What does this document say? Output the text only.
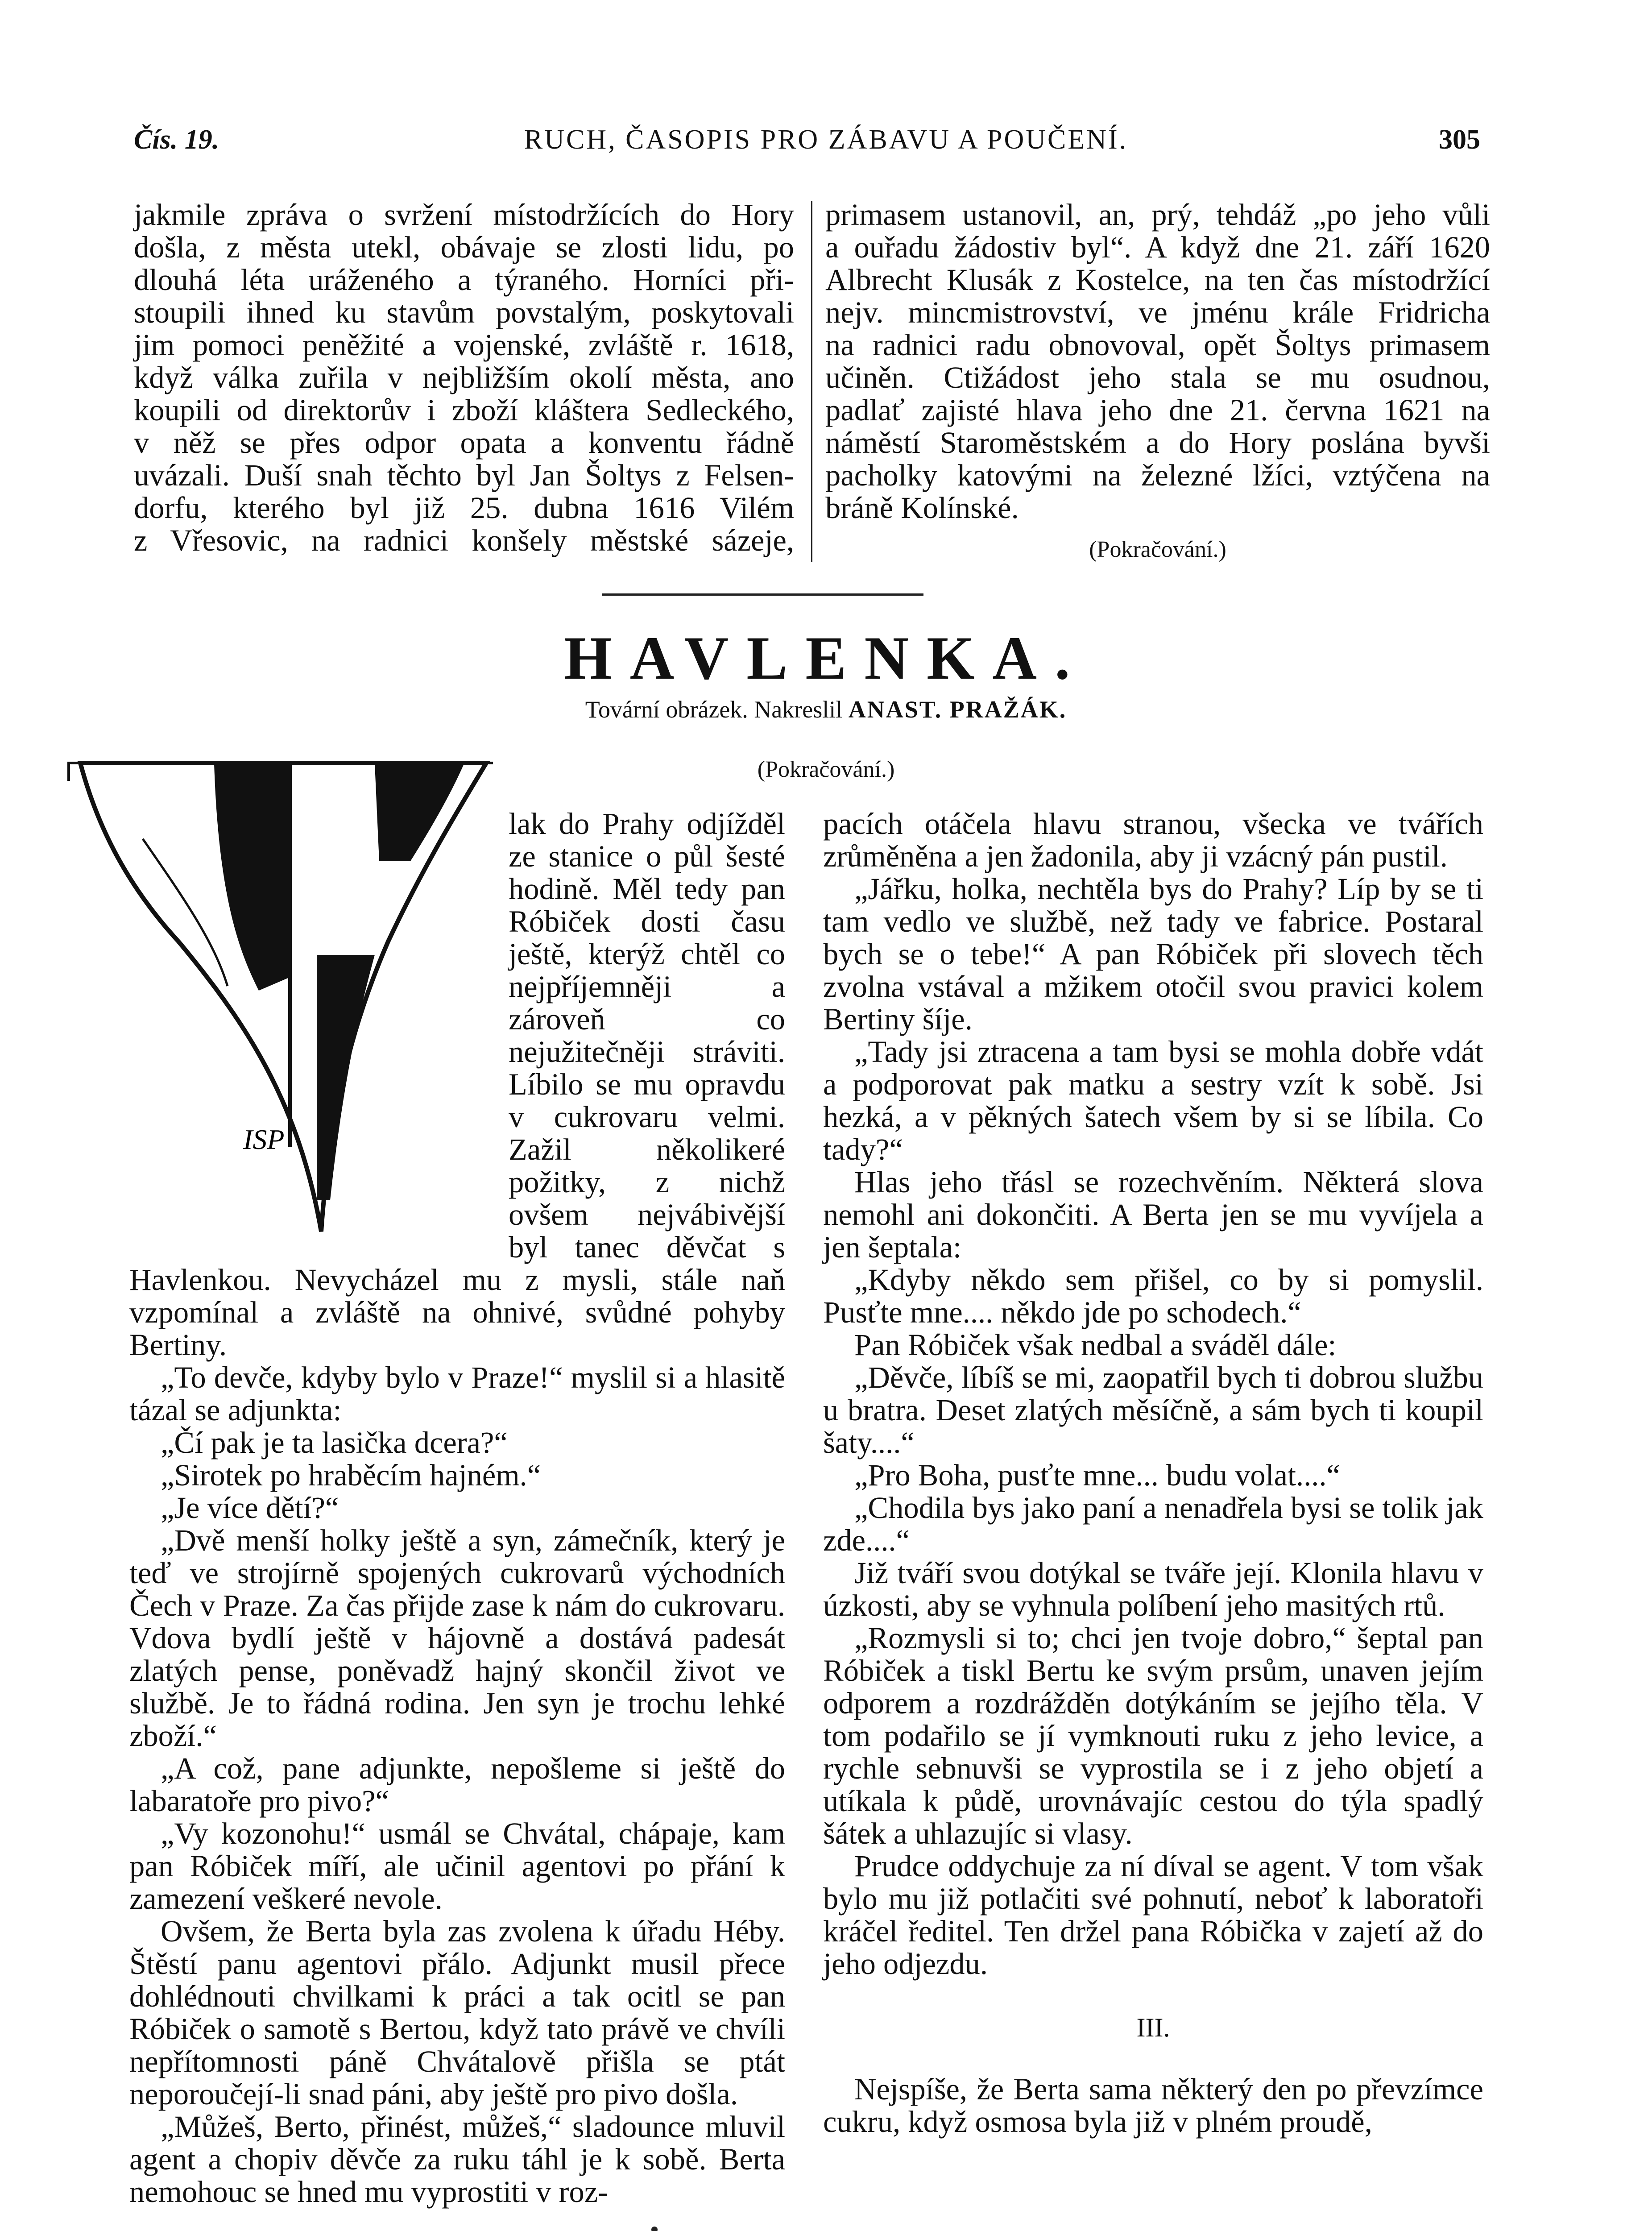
Čís. 19.	RUCH, ČASOPIS PRO ZÁBAVU A POUČENÍ.	305

jakmile zpráva o svržení místodržících do Hory

došla, z města utekl, obávaje se zlosti lidu, po

dlouhá léta uráženého a týraného. Horníci při-

stoupili ihned ku stavům povstalým, poskytovali

jim pomoci peněžité a vojenské, zvláště r. 1618,

když válka zuřila v nejbližším okolí města, ano

koupili od direktorův i zboží kláštera Sedleckého,

v něž se přes odpor opata a konventu řádně

uvázali. Duší snah těchto byl Jan Šoltys z Felsen-

dorfu, kterého byl již 25. dubna 1616 Vilém

z Vřesovic, na radnici konšely městské sázeje,

primasem ustanovil, an, prý, tehdáž „po jeho vůli

a ouřadu žádostiv byl“. A když dne 21. září 1620

Albrecht Klusák z Kostelce, na ten čas místodržící

nejv. mincmistrovství, ve jménu krále Fridricha

na radnici radu obnovoval, opět Šoltys primasem

učiněn. Ctižádost jeho stala se mu osudnou,

padlať zajisté hlava jeho dne 21. června 1621 na

náměstí Staroměstském a do Hory poslána byvši

pacholky katovými na železné lžíci, vztýčena na

bráně Kolínské.

(Pokračování.)

HAVLENKA.
Tovární obrázek. Nakreslil ANAST. PRAŽÁK.
(Pokračování.)
ISP

lak do Prahy odjížděl ze stanice o půl šesté hodině. Měl tedy pan Róbiček dosti času ještě, kterýž chtěl co nejpříjemněji a zároveň co nejužitečněji stráviti. Líbilo se mu opravdu v cukrovaru velmi. Zažil několikeré požitky, z nichž ovšem nejvábivější byl tanec děvčat s Havlenkou. Nevycházel mu z mysli, stále naň vzpomínal a zvláště na ohnivé, svůdné pohyby Bertiny.

„To devče, kdyby bylo v Praze!“ myslil si a hlasitě tázal se adjunkta:

„Čí pak je ta lasička dcera?“

„Sirotek po hraběcím hajném.“

„Je více dětí?“

„Dvě menší holky ještě a syn, zámečník, který je teď ve strojírně spojených cukrovarů východních Čech v Praze. Za čas přijde zase k nám do cukrovaru. Vdova bydlí ještě v hájovně a dostává padesát zlatých pense, poněvadž hajný skončil život ve službě. Je to řádná rodina. Jen syn je trochu lehké zboží.“

„A což, pane adjunkte, nepošleme si ještě do labaratoře pro pivo?“

„Vy kozonohu!“ usmál se Chvátal, chápaje, kam pan Róbiček míří, ale učinil agentovi po přání k zamezení veškeré nevole.

Ovšem, že Berta byla zas zvolena k úřadu Héby. Štěstí panu agentovi přálo. Adjunkt musil přece dohlédnouti chvilkami k práci a tak ocitl se pan Róbiček o samotě s Bertou, když tato právě ve chvíli nepřítomnosti páně Chvátalově přišla se ptát neporoučejí-li snad páni, aby ještě pro pivo došla.

„Můžeš, Berto, přinést, můžeš,“ sladounce mluvil agent a chopiv děvče za ruku táhl je k sobě. Berta nemohouc se hned mu vyprostiti v roz-

pacích otáčela hlavu stranou, všecka ve tvářích zrůměněna a jen žadonila, aby ji vzácný pán pustil.

„Jářku, holka, nechtěla bys do Prahy? Líp by se ti tam vedlo ve službě, než tady ve fabrice. Postaral bych se o tebe!“ A pan Róbiček při slovech těch zvolna vstával a mžikem otočil svou pravici kolem Bertiny šíje.

„Tady jsi ztracena a tam bysi se mohla dobře vdát a podporovat pak matku a sestry vzít k sobě. Jsi hezká, a v pěkných šatech všem by si se líbila. Co tady?“

Hlas jeho třásl se rozechvěním. Některá slova nemohl ani dokončiti. A Berta jen se mu vyvíjela a jen šeptala:

„Kdyby někdo sem přišel, co by si pomyslil. Pusťte mne.... někdo jde po schodech.“

Pan Róbiček však nedbal a sváděl dále:

„Děvče, líbíš se mi, zaopatřil bych ti dobrou službu u bratra. Deset zlatých měsíčně, a sám bych ti koupil šaty....“

„Pro Boha, pusťte mne... budu volat....“

„Chodila bys jako paní a nenadřela bysi se tolik jak zde....“

Již tváří svou dotýkal se tváře její. Klonila hlavu v úzkosti, aby se vyhnula políbení jeho masitých rtů.

„Rozmysli si to; chci jen tvoje dobro,“ šeptal pan Róbiček a tiskl Bertu ke svým prsům, unaven jejím odporem a rozdrážděn dotýkáním se jejího těla. V tom podařilo se jí vymknouti ruku z jeho levice, a rychle sebnuvši se vyprostila se i z jeho objetí a utíkala k půdě, urovnávajíc cestou do týla spadlý šátek a uhlazujíc si vlasy.

Prudce oddychuje za ní díval se agent. V tom však bylo mu již potlačiti své pohnutí, neboť k laboratoři kráčel ředitel. Ten držel pana Róbička v zajetí až do jeho odjezdu.

III.

Nejspíše, že Berta sama některý den po převzímce cukru, když osmosa byla již v plném proudě,
